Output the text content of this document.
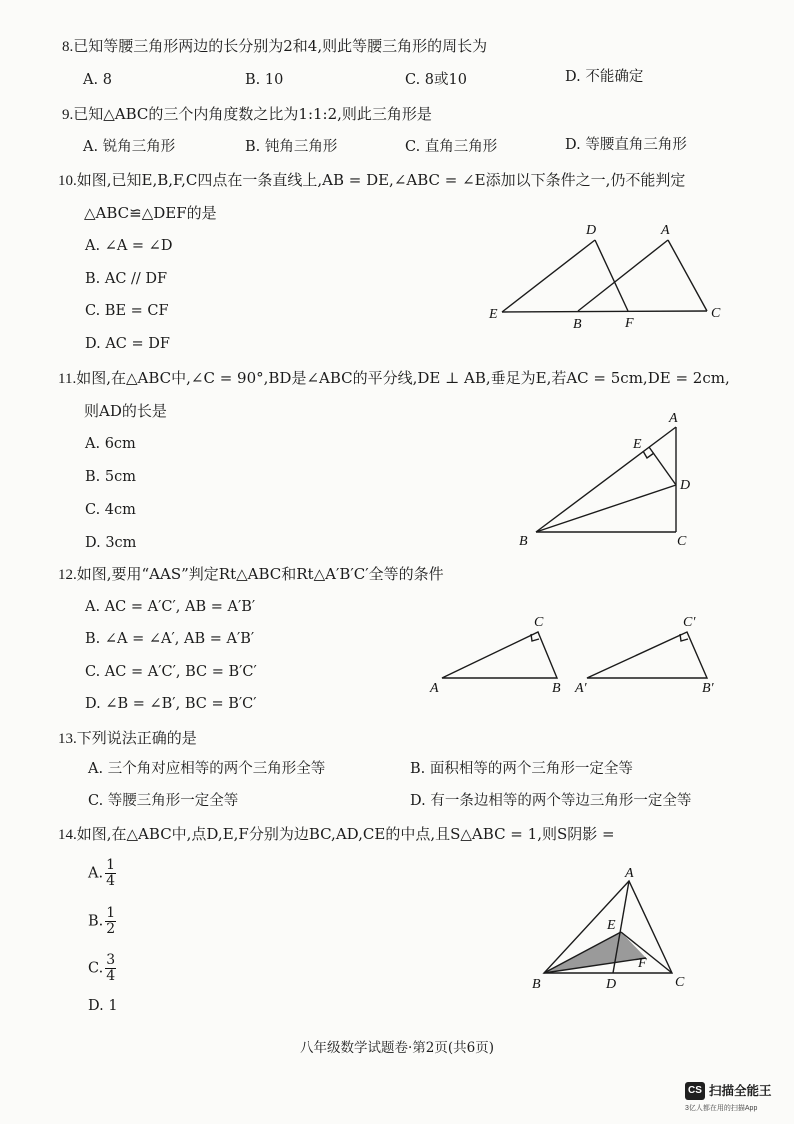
8.已知等腰三角形两边的长分别为2和4,则此等腰三角形的周长为
A. 8	B. 10	C. 8或10	D. 不能确定
9.已知△ABC的三个内角度数之比为1:1:2,则此三角形是
A. 锐角三角形	B. 钝角三角形	C. 直角三角形	D. 等腰直角三角形
10.如图,已知E,B,F,C四点在一条直线上,AB = DE,∠ABC = ∠E添加以下条件之一,仍不能判定
△ABC≌△DEF的是
A. ∠A = ∠D
B. AC // DF
C. BE = CF
D. AC = DF
D	A
E
B	F
C
11.如图,在△ABC中,∠C = 90°,BD是∠ABC的平分线,DE ⊥ AB,垂足为E,若AC = 5cm,DE = 2cm,
则AD的长是
A. 6cm
B. 5cm
C. 4cm
D. 3cm
A
E
D
B	C
12.如图,要用“AAS”判定Rt△ABC和Rt△A′B′C′全等的条件
A. AC = A′C′, AB = A′B′
B. ∠A = ∠A′, AB = A′B′
C. AC = A′C′, BC = B′C′
D. ∠B = ∠B′, BC = B′C′
C
A	B
C′
A′	B′
13.下列说法正确的是
A. 三个角对应相等的两个三角形全等	B. 面积相等的两个三角形一定全等
C. 等腰三角形一定全等	D. 有一条边相等的两个等边三角形一定全等
14.如图,在△ABC中,点D,E,F分别为边BC,AD,CE的中点,且S△ABC = 1,则S阴影 =
A. $\frac{1}{4}$
B. $\frac{1}{2}$
C. $\frac{3}{4}$
D. 1
A
E
F
B	D	C
八年级数学试题卷·第2页(共6页)
CS 扫描全能王
3亿人都在用的扫描App
